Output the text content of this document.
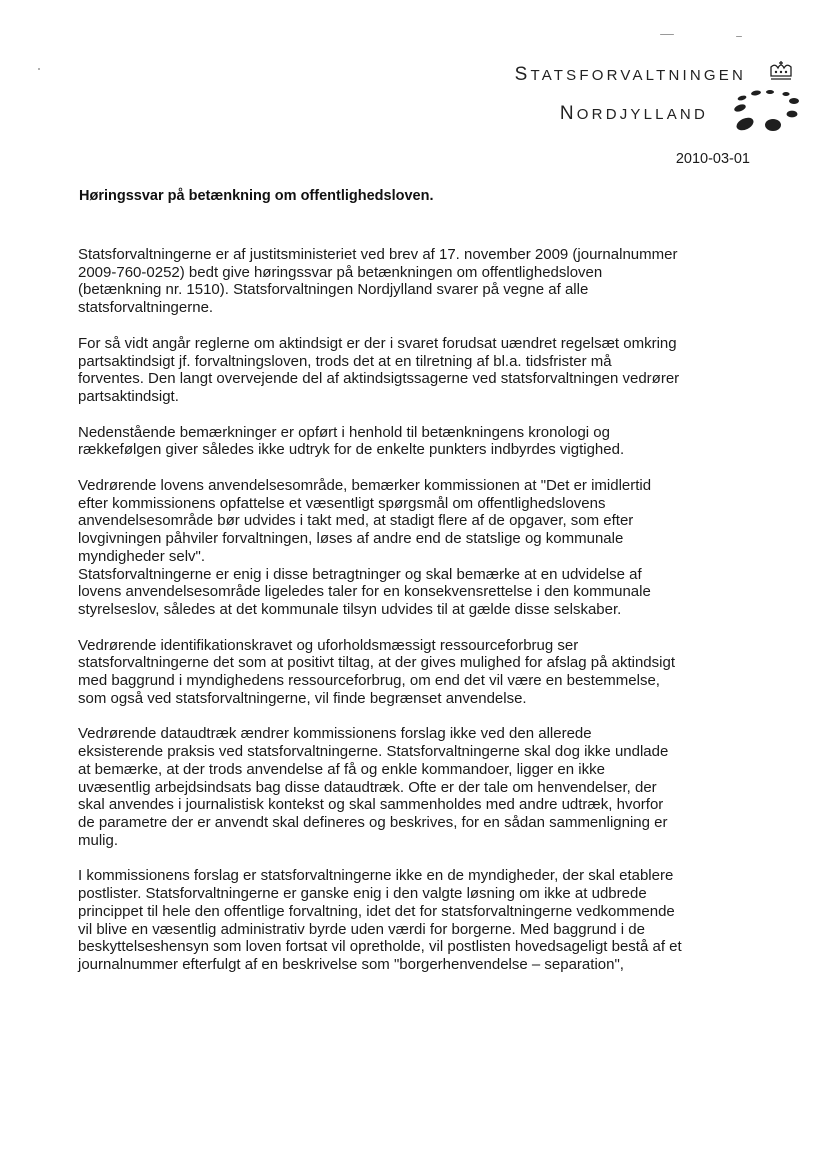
STATSFORVALTNINGEN
NORDJYLLAND
2010-03-01
Høringssvar på betænkning om offentlighedsloven.

Statsforvaltningerne er af justitsministeriet ved brev af 17. november 2009 (journalnummer
2009-760-0252) bedt give høringssvar på betænkningen om offentlighedsloven
(betænkning nr. 1510). Statsforvaltningen Nordjylland svarer på vegne af alle
statsforvaltningerne.

For så vidt angår reglerne om aktindsigt er der i svaret forudsat uændret regelsæt omkring
partsaktindsigt jf. forvaltningsloven, trods det at en tilretning af bl.a. tidsfrister må
forventes. Den langt overvejende del af aktindsigtssagerne ved statsforvaltningen vedrører
partsaktindsigt.

Nedenstående bemærkninger er opført i henhold til betænkningens kronologi og
rækkefølgen giver således ikke udtryk for de enkelte punkters indbyrdes vigtighed.

Vedrørende lovens anvendelsesområde, bemærker kommissionen at "Det er imidlertid
efter kommissionens opfattelse et væsentligt spørgsmål om offentlighedslovens
anvendelsesområde bør udvides i takt med, at stadigt flere af de opgaver, som efter
lovgivningen påhviler forvaltningen, løses af andre end de statslige og kommunale
myndigheder selv".

Statsforvaltningerne er enig i disse betragtninger og skal bemærke at en udvidelse af
lovens anvendelsesområde ligeledes taler for en konsekvensrettelse i den kommunale
styrelseslov, således at det kommunale tilsyn udvides til at gælde disse selskaber.

Vedrørende identifikationskravet og uforholdsmæssigt ressourceforbrug ser
statsforvaltningerne det som at positivt tiltag, at der gives mulighed for afslag på aktindsigt
med baggrund i myndighedens ressourceforbrug, om end det vil være en bestemmelse,
som også ved statsforvaltningerne, vil finde begrænset anvendelse.

Vedrørende dataudtræk ændrer kommissionens forslag ikke ved den allerede
eksisterende praksis ved statsforvaltningerne. Statsforvaltningerne skal dog ikke undlade
at bemærke, at der trods anvendelse af få og enkle kommandoer, ligger en ikke
uvæsentlig arbejdsindsats bag disse dataudtræk. Ofte er der tale om henvendelser, der
skal anvendes i journalistisk kontekst og skal sammenholdes med andre udtræk, hvorfor
de parametre der er anvendt skal defineres og beskrives, for en sådan sammenligning er
mulig.

I kommissionens forslag er statsforvaltningerne ikke en de myndigheder, der skal etablere
postlister. Statsforvaltningerne er ganske enig i den valgte løsning om ikke at udbrede
princippet til hele den offentlige forvaltning, idet det for statsforvaltningerne vedkommende
vil blive en væsentlig administrativ byrde uden værdi for borgerne. Med baggrund i de
beskyttelseshensyn som loven fortsat vil opretholde, vil postlisten hovedsageligt bestå af et
journalnummer efterfulgt af en beskrivelse som "borgerhenvendelse – separation",
